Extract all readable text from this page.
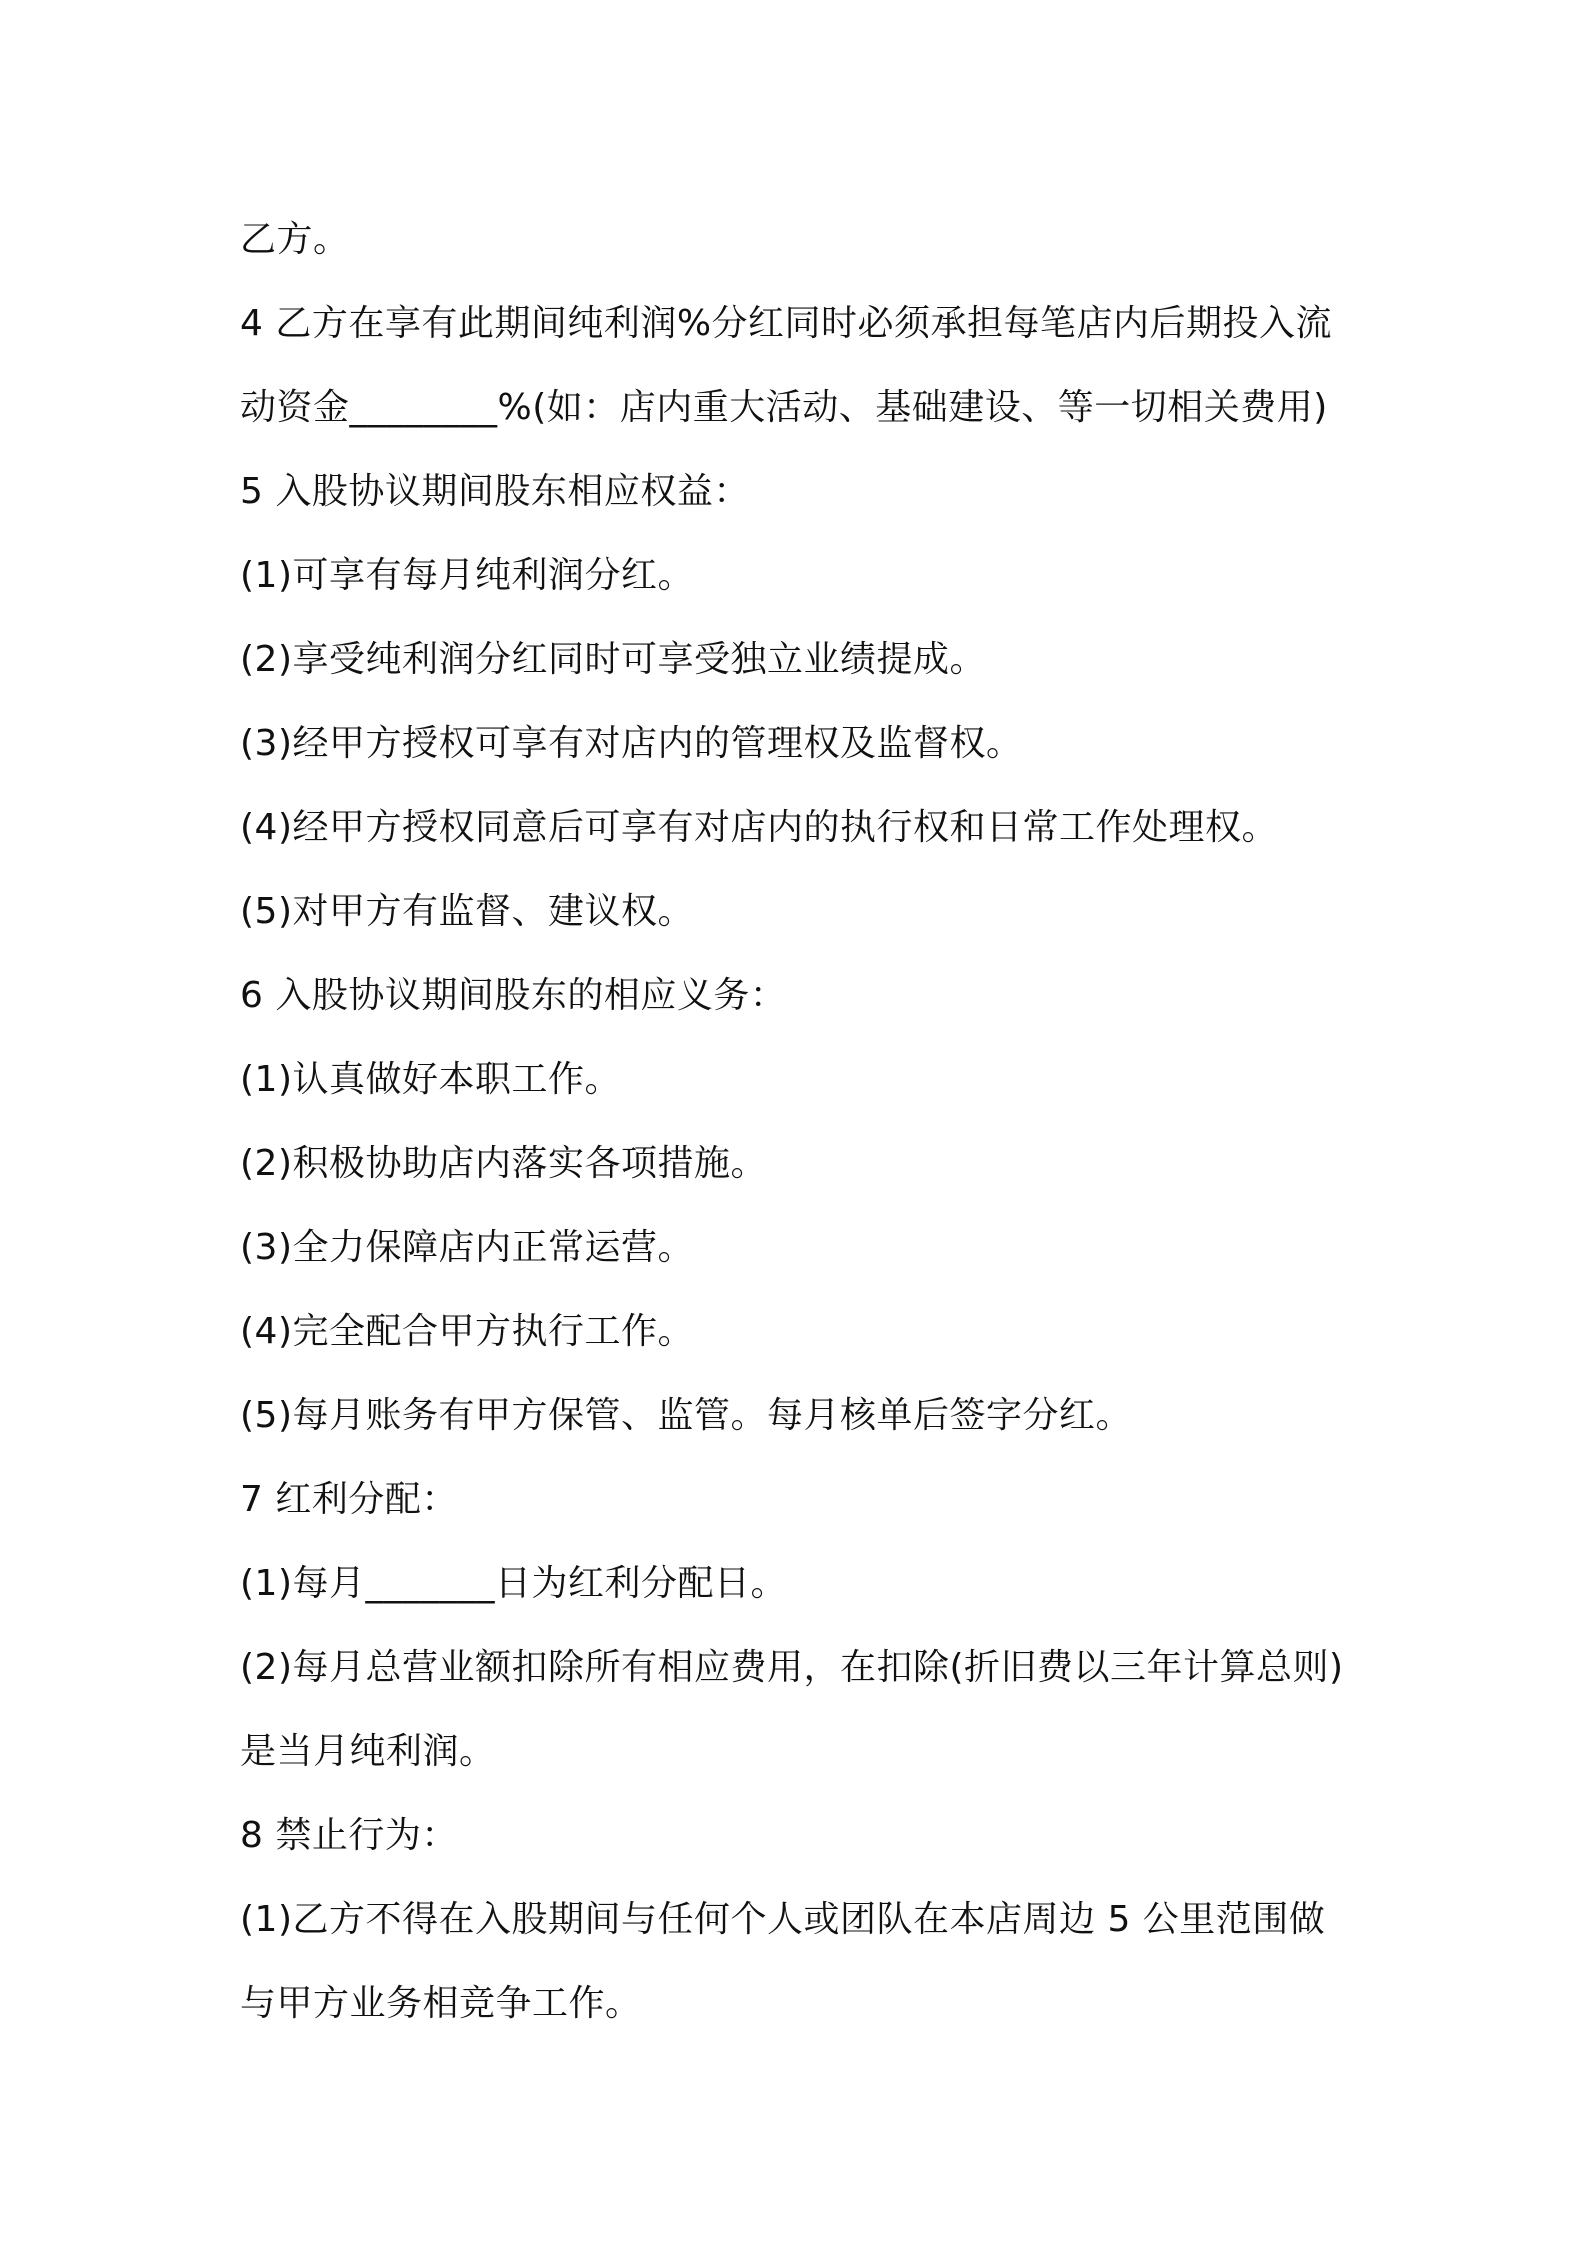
乙方。
4 乙方在享有此期间纯利润%分红同时必须承担每笔店内后期投入流
动资金________%(如：店内重大活动、基础建设、等一切相关费用)
5 入股协议期间股东相应权益：
(1)可享有每月纯利润分红。
(2)享受纯利润分红同时可享受独立业绩提成。
(3)经甲方授权可享有对店内的管理权及监督权。
(4)经甲方授权同意后可享有对店内的执行权和日常工作处理权。
(5)对甲方有监督、建议权。
6 入股协议期间股东的相应义务：
(1)认真做好本职工作。
(2)积极协助店内落实各项措施。
(3)全力保障店内正常运营。
(4)完全配合甲方执行工作。
(5)每月账务有甲方保管、监管。每月核单后签字分红。
7 红利分配：
(1)每月_______日为红利分配日。
(2)每月总营业额扣除所有相应费用，在扣除(折旧费以三年计算总则)
是当月纯利润。
8 禁止行为：
(1)乙方不得在入股期间与任何个人或团队在本店周边 5 公里范围做
与甲方业务相竞争工作。
